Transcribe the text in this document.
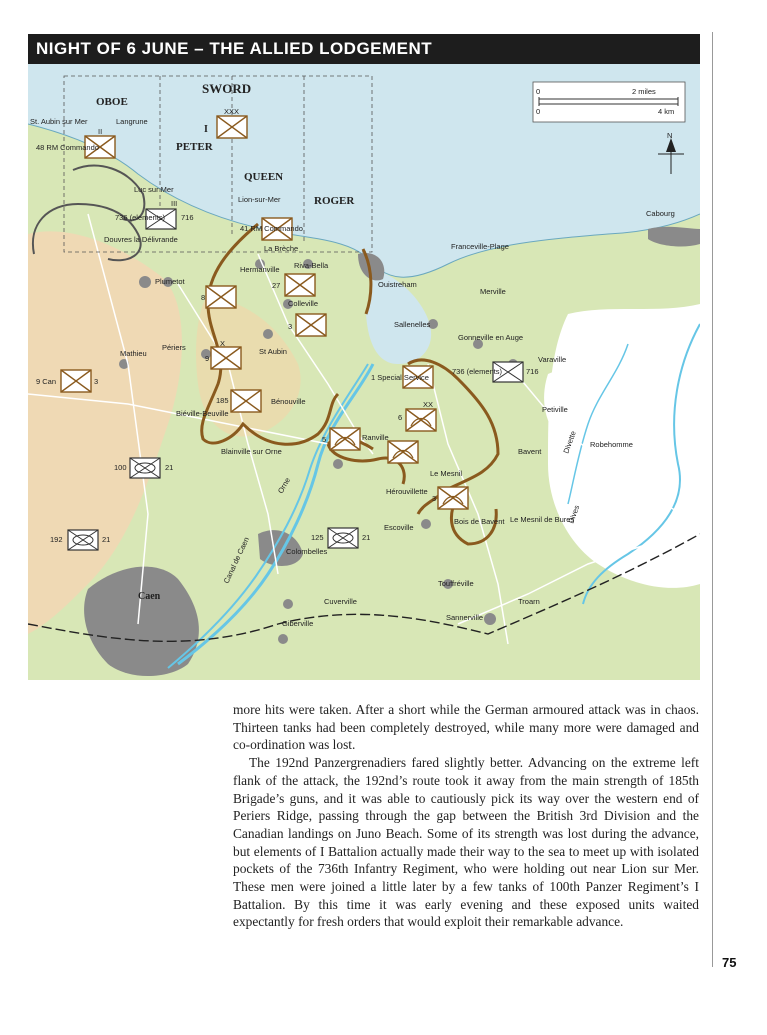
NIGHT OF 6 JUNE – THE ALLIED LODGEMENT
OBOE
SWORD
PETER
QUEEN
ROGER
0
0
2 miles
4 km
N
St. Aubin sur Mer	Langrune
Luc sur Mer
Lion-sur-Mer
Douvres la Délivrande
La Brèche
Riva-Bella
Hermanville
Plumetot
Colleville
Ouistreham
Franceville-Plage
Merville
Cabourg
Sallenelles
Gonneville en Auge
Varaville
Périers
Mathieu	St Aubin
Bénouville
Biéville-Beuville	Petiville
Robehomme
Bavent
Ranville
Blainville sur Orne
Le Mesnil
Hérouvillette
Bois de Bavent Le Mesnil de Bures
Escoville
Colombelles
Touffréville
Caen	Cuverville	Troarn
Sannerville
Giberville
Orne
Canal de Caen
Dives
Divette
48 RM Commando
736 (elements) 716
41 RM Commando
1 Special Service
736 (elements)	716
100	21
192	21	125	21
9 Can	3
8
9
185
27
3
6
5
3
I
II
III
XXX
XX
X

more hits were taken. After a short while the German armoured attack was in chaos. Thirteen tanks had been completely destroyed, while many more were damaged and co-ordination was lost.

The 192nd Panzergrenadiers fared slightly better. Advancing on the extreme left flank of the attack, the 192nd’s route took it away from the main strength of 185th Brigade’s guns, and it was able to cautiously pick its way over the western end of Periers Ridge, passing through the gap between the British 3rd Division and the Canadian landings on Juno Beach. Some of its strength was lost during the advance, but elements of I Battalion actually made their way to the sea to meet up with isolated pockets of the 736th Infantry Regiment, who were holding out near Lion sur Mer. These men were joined a little later by a few tanks of 100th Panzer Regiment’s I Battalion. By this time it was early evening and these exposed units waited expectantly for fresh orders that would exploit their remarkable advance.

75
